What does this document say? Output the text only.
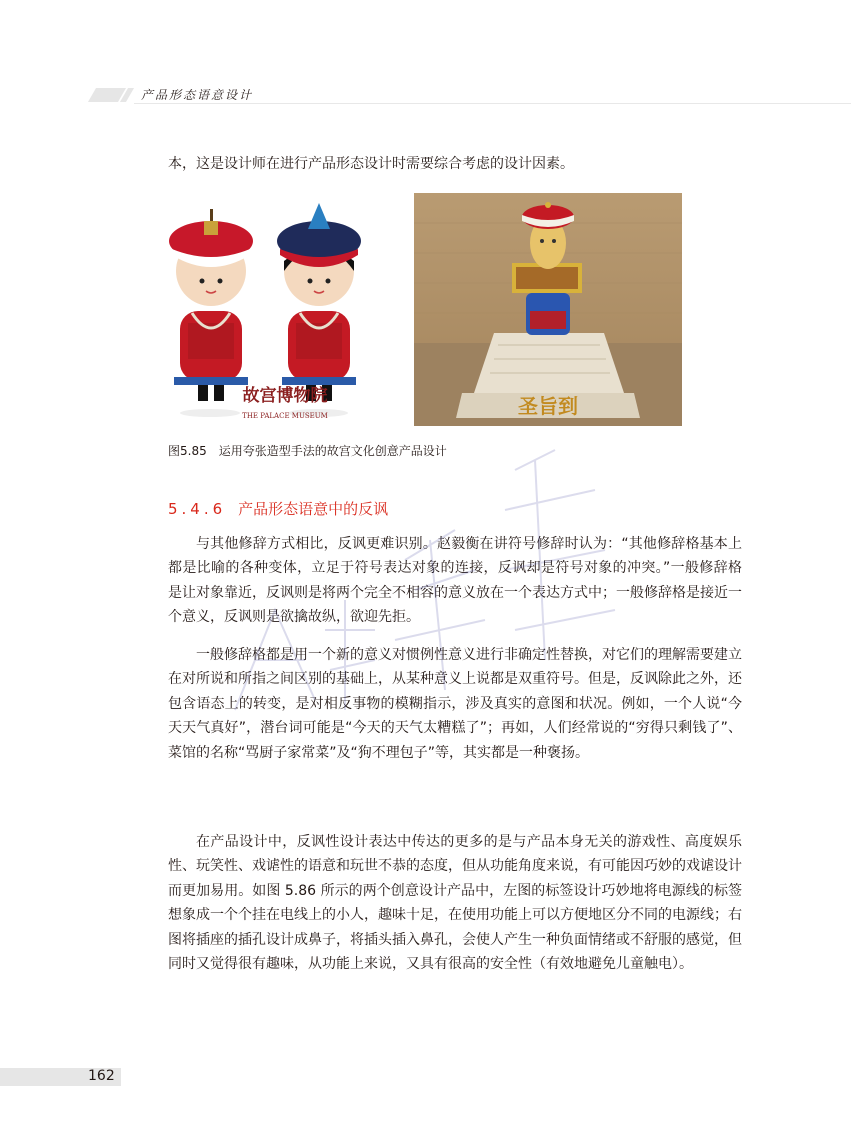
产品形态语意设计

本，这是设计师在进行产品形态设计时需要综合考虑的设计因素。

故宫博物院
THE PALACE MUSEUM	圣旨到
图5.85　运用夸张造型手法的故宫文化创意产品设计
5.4.6 产品形态语意中的反讽

与其他修辞方式相比，反讽更难识别。赵毅衡在讲符号修辞时认为：“其他修辞格基本上都是比喻的各种变体，立足于符号表达对象的连接，反讽却是符号对象的冲突。”一般修辞格是让对象靠近，反讽则是将两个完全不相容的意义放在一个表达方式中；一般修辞格是接近一个意义，反讽则是欲擒故纵，欲迎先拒。

一般修辞格都是用一个新的意义对惯例性意义进行非确定性替换，对它们的理解需要建立在对所说和所指之间区别的基础上，从某种意义上说都是双重符号。但是，反讽除此之外，还包含语态上的转变，是对相反事物的模糊指示，涉及真实的意图和状况。例如，一个人说“今天天气真好”，潜台词可能是“今天的天气太糟糕了”；再如，人们经常说的“穷得只剩钱了”、菜馆的名称“骂厨子家常菜”及“狗不理包子”等，其实都是一种褒扬。

在产品设计中，反讽性设计表达中传达的更多的是与产品本身无关的游戏性、高度娱乐性、玩笑性、戏谑性的语意和玩世不恭的态度，但从功能角度来说，有可能因巧妙的戏谑设计而更加易用。如图 5.86 所示的两个创意设计产品中，左图的标签设计巧妙地将电源线的标签想象成一个个挂在电线上的小人，趣味十足，在使用功能上可以方便地区分不同的电源线；右图将插座的插孔设计成鼻子，将插头插入鼻孔，会使人产生一种负面情绪或不舒服的感觉，但同时又觉得很有趣味，从功能上来说，又具有很高的安全性（有效地避免儿童触电）。

162
